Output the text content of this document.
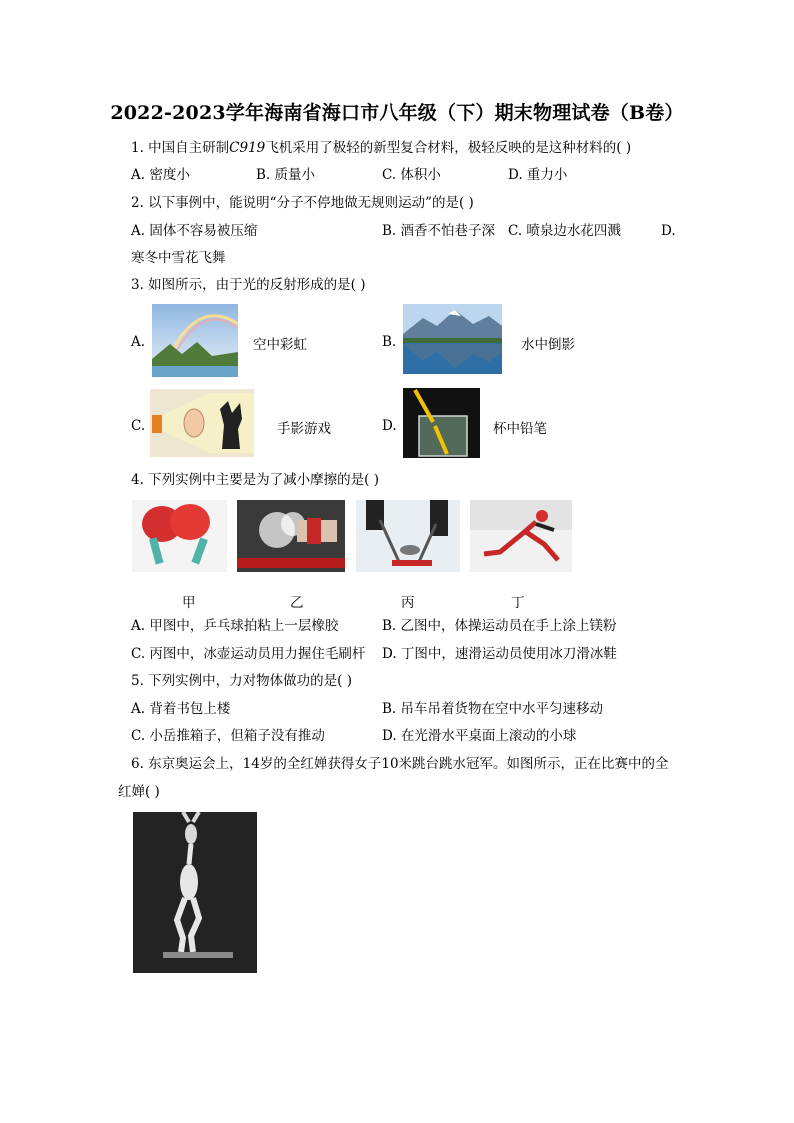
2022-2023学年海南省海口市八年级（下）期末物理试卷（B卷）
1. 中国自主研制C919飞机采用了极轻的新型复合材料，极轻反映的是这种材料的( )
A. 密度小	B. 质量小	C. 体积小	D. 重力小
2. 以下事例中，能说明“分子不停地做无规则运动”的是( )
A. 固体不容易被压缩	B. 酒香不怕巷子深 C. 喷泉边水花四溅	D.
寒冬中雪花飞舞
3. 如图所示，由于光的反射形成的是( )
A.	空中彩虹	B.	水中倒影
C.	手影游戏	D.	杯中铅笔
4. 下列实例中主要是为了减小摩擦的是( )
甲	乙	丙	丁
A. 甲图中，乒乓球拍粘上一层橡胶	B. 乙图中，体操运动员在手上涂上镁粉
C. 丙图中，冰壶运动员用力握住毛刷杆 D. 丁图中，速滑运动员使用冰刀滑冰鞋
5. 下列实例中，力对物体做功的是( )
A. 背着书包上楼	B. 吊车吊着货物在空中水平匀速移动
C. 小岳推箱子，但箱子没有推动	D. 在光滑水平桌面上滚动的小球
6. 东京奥运会上，14岁的全红婵获得女子10米跳台跳水冠军。如图所示，正在比赛中的全
红婵( )
